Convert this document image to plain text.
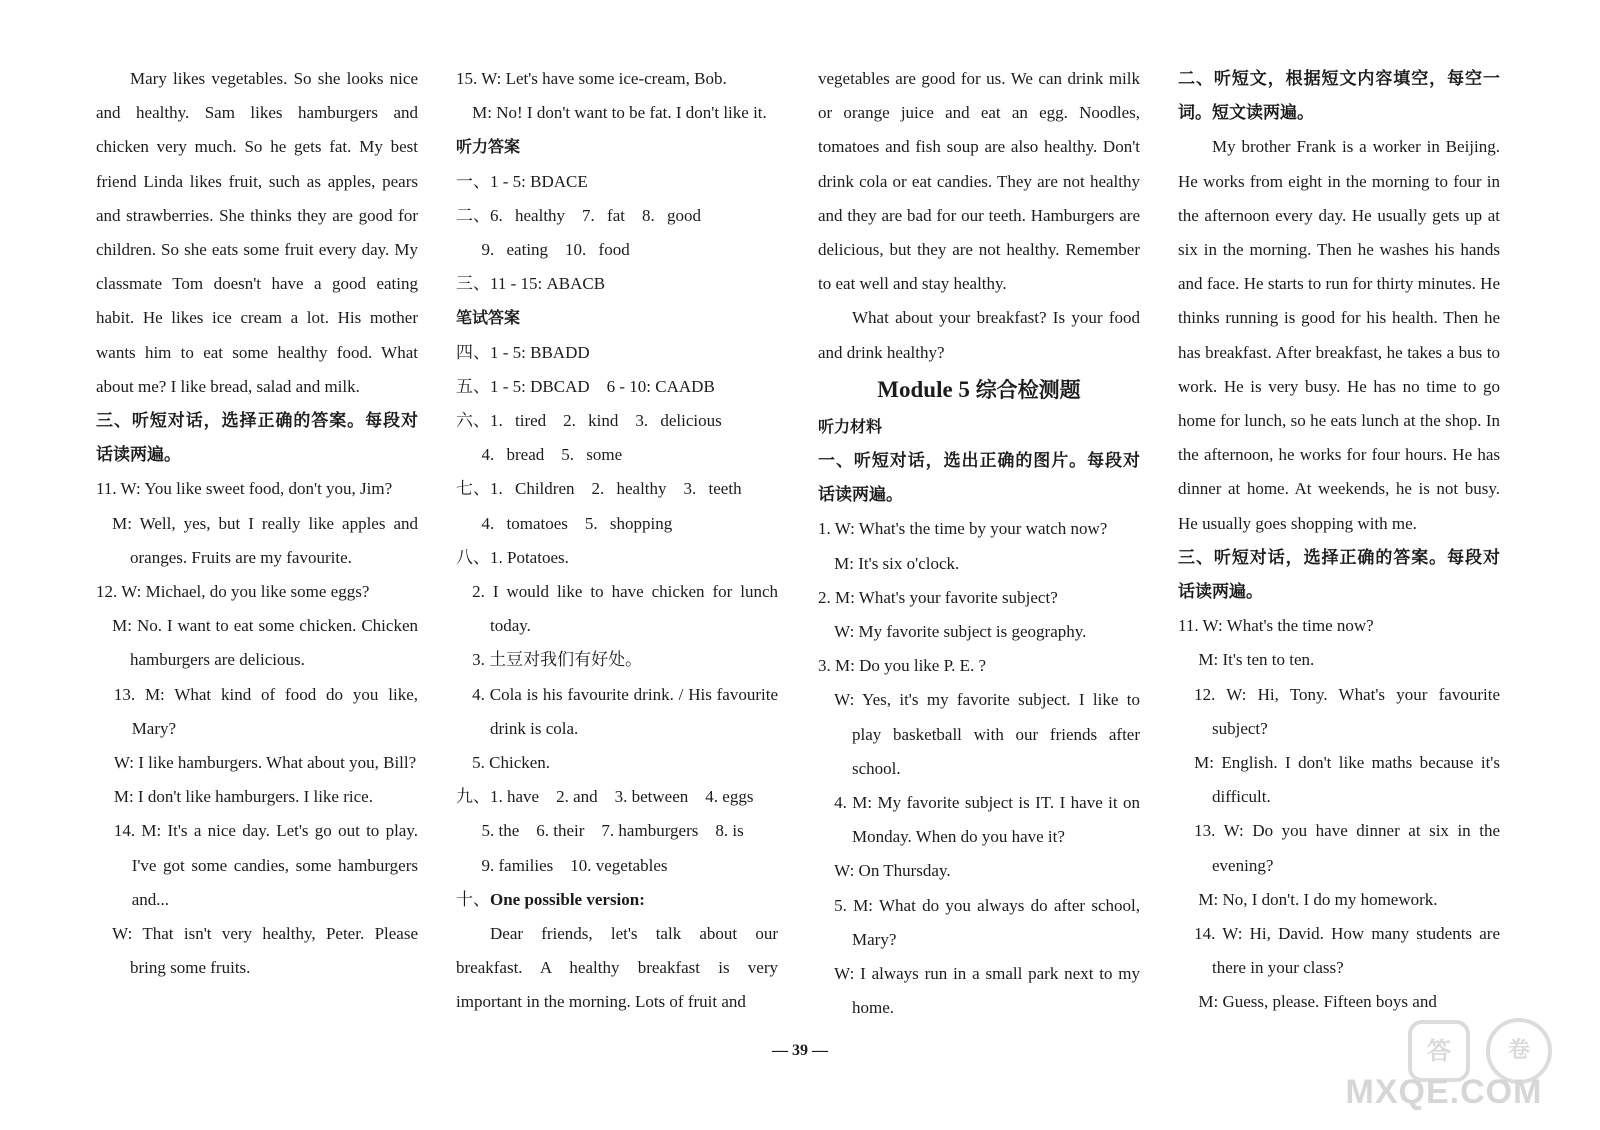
Mary likes vegetables. So she looks nice and healthy. Sam likes hamburgers and chicken very much. So he gets fat. My best friend Linda likes fruit, such as apples, pears and strawberries. She thinks they are good for children. So she eats some fruit every day. My classmate Tom doesn't have a good eating habit. He likes ice cream a lot. His mother wants him to eat some healthy food. What about me? I like bread, salad and milk.

三、听短对话，选择正确的答案。每段对话读两遍。

11. W: You like sweet food, don't you, Jim?

M: Well, yes, but I really like apples and oranges. Fruits are my favourite.

12. W: Michael, do you like some eggs?

M: No. I want to eat some chicken. Chicken hamburgers are delicious.

13. M: What kind of food do you like, Mary?

W: I like hamburgers. What about you, Bill?

M: I don't like hamburgers. I like rice.

14. M: It's a nice day. Let's go out to play. I've got some candies, some hamburgers and...

W: That isn't very healthy, Peter. Please bring some fruits.

15. W: Let's have some ice-cream, Bob.

M: No! I don't want to be fat. I don't like it.

听力答案

一、1 - 5: BDACE

二、6. healthy　7. fat　8. good

9. eating　10. food

三、11 - 15: ABACB

笔试答案

四、1 - 5: BBADD

五、1 - 5: DBCAD　6 - 10: CAADB

六、1. tired　2. kind　3. delicious

4. bread　5. some

七、1. Children　2. healthy　3. teeth

4. tomatoes　5. shopping

八、1. Potatoes.

2. I would like to have chicken for lunch today.

3. 土豆对我们有好处。

4. Cola is his favourite drink. / His favourite drink is cola.

5. Chicken.

九、1. have　2. and　3. between　4. eggs

5. the　6. their　7. hamburgers　8. is

9. families　10. vegetables

十、One possible version:

Dear friends, let's talk about our breakfast. A healthy breakfast is very important in the morning. Lots of fruit and

vegetables are good for us. We can drink milk or orange juice and eat an egg. Noodles, tomatoes and fish soup are also healthy. Don't drink cola or eat candies. They are not healthy and they are bad for our teeth. Hamburgers are delicious, but they are not healthy. Remember to eat well and stay healthy.

What about your breakfast? Is your food and drink healthy?

Module 5 综合检测题

听力材料

一、听短对话，选出正确的图片。每段对话读两遍。

1. W: What's the time by your watch now?

M: It's six o'clock.

2. M: What's your favorite subject?

W: My favorite subject is geography.

3. M: Do you like P. E. ?

W: Yes, it's my favorite subject. I like to play basketball with our friends after school.

4. M: My favorite subject is IT. I have it on Monday. When do you have it?

W: On Thursday.

5. M: What do you always do after school, Mary?

W: I always run in a small park next to my home.

二、听短文，根据短文内容填空，每空一词。短文读两遍。

My brother Frank is a worker in Beijing. He works from eight in the morning to four in the afternoon every day. He usually gets up at six in the morning. Then he washes his hands and face. He starts to run for thirty minutes. He thinks running is good for his health. Then he has breakfast. After breakfast, he takes a bus to work. He is very busy. He has no time to go home for lunch, so he eats lunch at the shop. In the afternoon, he works for four hours. He has dinner at home. At weekends, he is not busy. He usually goes shopping with me.

三、听短对话，选择正确的答案。每段对话读两遍。

11. W: What's the time now?

M: It's ten to ten.

12. W: Hi, Tony. What's your favourite subject?

M: English. I don't like maths because it's difficult.

13. W: Do you have dinner at six in the evening?

M: No, I don't. I do my homework.

14. W: Hi, David. How many students are there in your class?

M: Guess, please. Fifteen boys and

— 39 —	答	卷
MXQE.COM
